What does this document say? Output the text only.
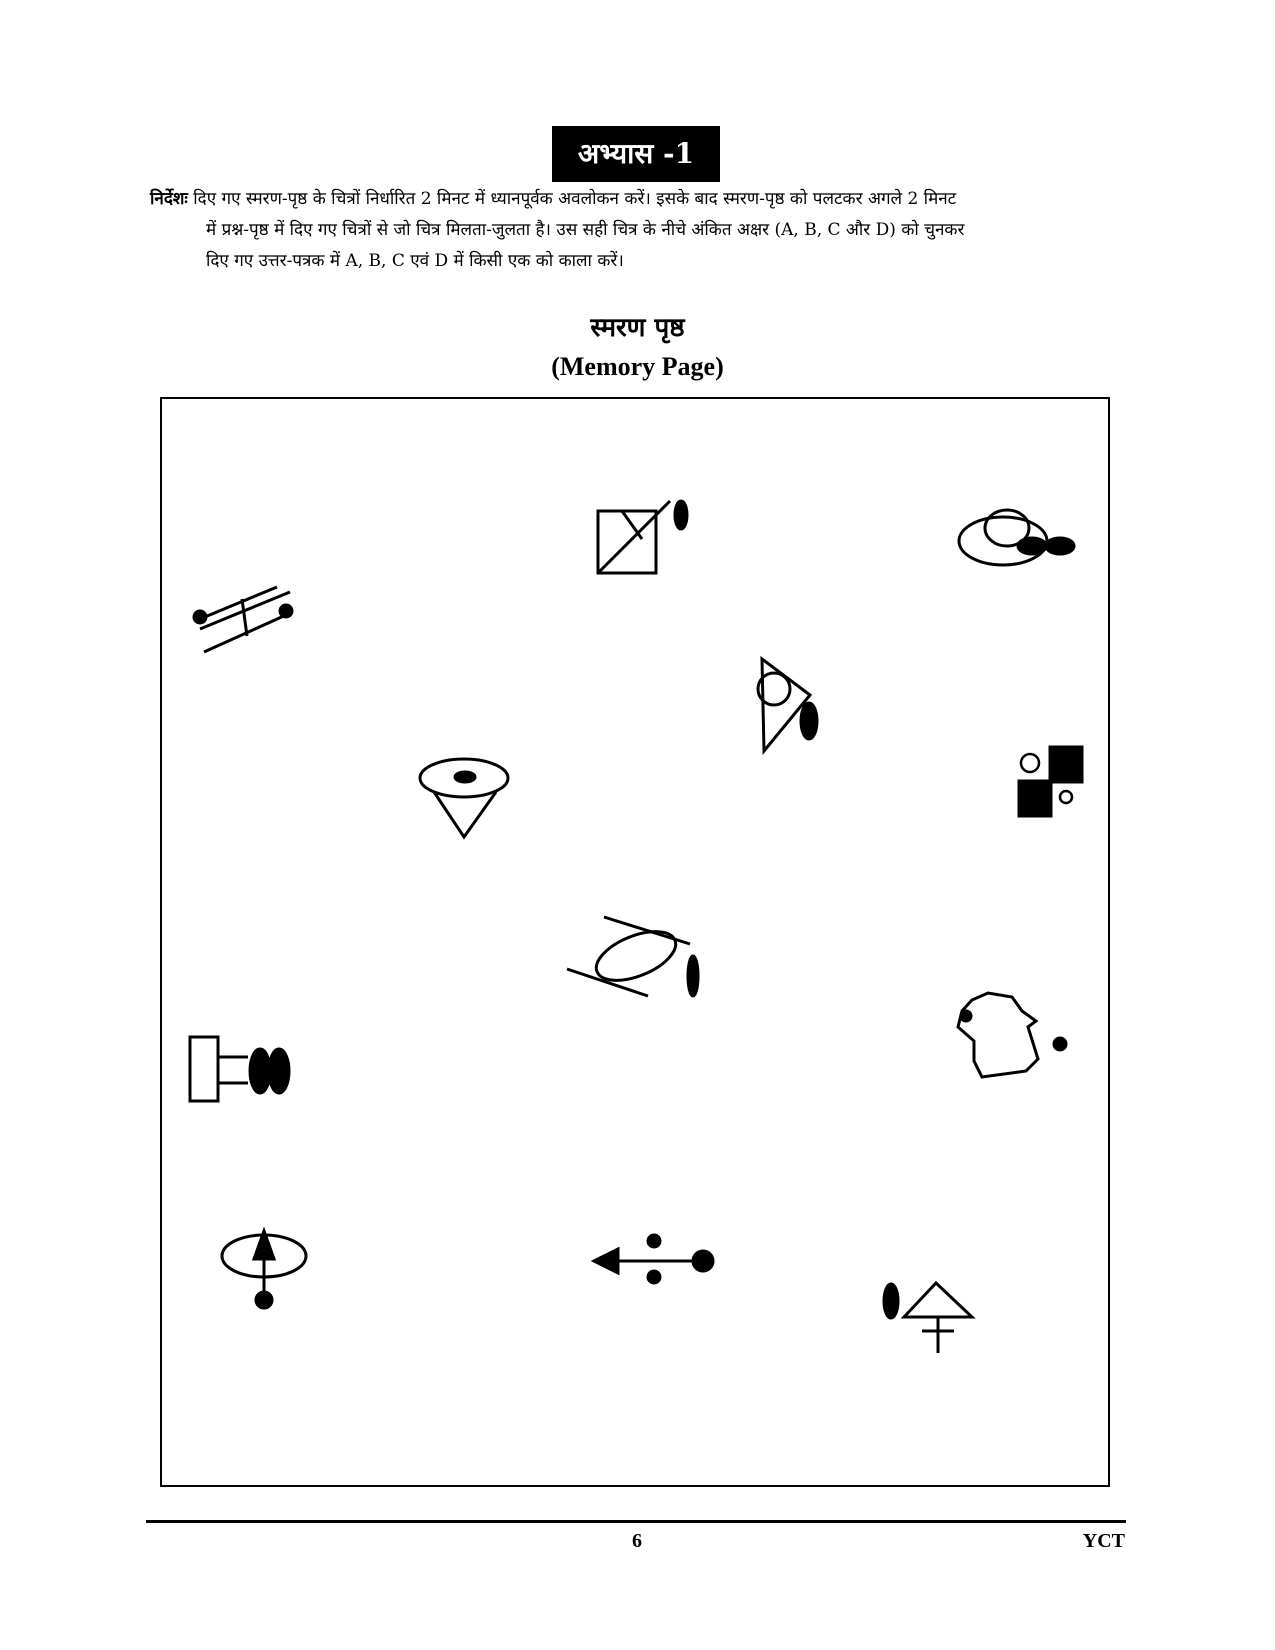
अभ्यास -1
निर्देशः दिए गए स्मरण-पृष्ठ के चित्रों निर्धारित 2 मिनट में ध्यानपूर्वक अवलोकन करें। इसके बाद स्मरण-पृष्ठ को पलटकर अगले 2 मिनट
में प्रश्न-पृष्ठ में दिए गए चित्रों से जो चित्र मिलता-जुलता है। उस सही चित्र के नीचे अंकित अक्षर (A, B, C और D) को चुनकर
दिए गए उत्तर-पत्रक में A, B, C एवं D में किसी एक को काला करें।
स्मरण पृष्ठ
(Memory Page)
6	YCT
